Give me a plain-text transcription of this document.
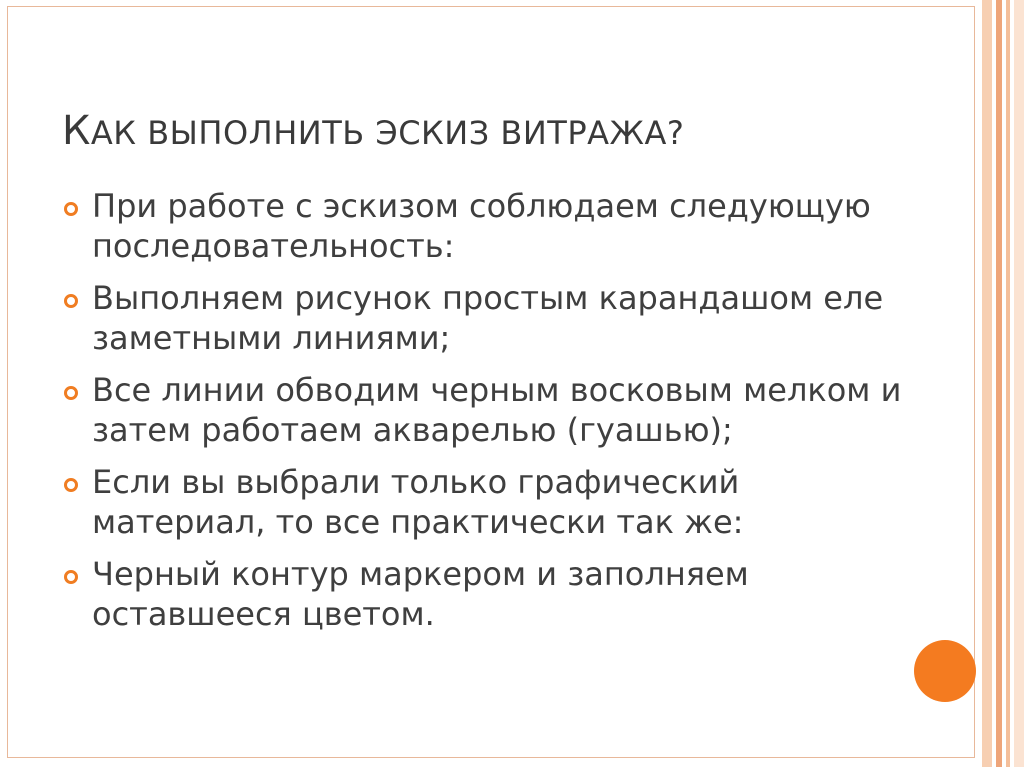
КАК ВЫПОЛНИТЬ ЭСКИЗ ВИТРАЖА?
При работе с эскизом соблюдаем следующую последовательность:
Выполняем рисунок простым карандашом еле заметными линиями;
Все линии обводим черным восковым мелком и затем работаем акварелью (гуашью);
Если вы выбрали только графический материал, то все практически так же:
Черный контур маркером и заполняем оставшееся цветом.
